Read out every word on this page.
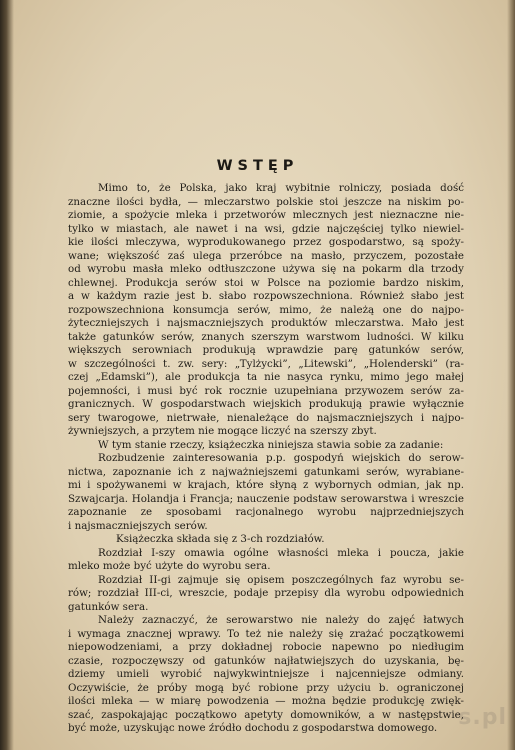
WSTĘP
Mimo to, że Polska, jako kraj wybitnie rolniczy, posiada dość
znaczne ilości bydła, — mleczarstwo polskie stoi jeszcze na niskim po-
ziomie, a spożycie mleka i przetworów mlecznych jest nieznaczne nie-
tylko w miastach, ale nawet i na wsi, gdzie najczęściej tylko niewiel-
kie ilości mleczywa, wyprodukowanego przez gospodarstwo, są spoży-
wane; większość zaś ulega przeróbce na masło, przyczem, pozostałe
od wyrobu masła mleko odtłuszczone używa się na pokarm dla trzody
chlewnej. Produkcja serów stoi w Polsce na poziomie bardzo niskim,
a w każdym razie jest b. słabo rozpowszechniona. Również słabo jest
rozpowszechniona konsumcja serów, mimo, że należą one do najpo-
żyteczniejszych i najsmaczniejszych produktów mleczarstwa. Mało jest
także gatunków serów, znanych szerszym warstwom ludności. W kilku
większych serowniach produkują wprawdzie parę gatunków serów,
w szczególności t. zw. sery: „Tylżycki”, „Litewski”, „Holenderski” (ra-
czej „Edamski”), ale produkcja ta nie nasyca rynku, mimo jego małej
pojemności, i musi być rok rocznie uzupełniana przywozem serów za-
granicznych. W gospodarstwach wiejskich produkują prawie wyłącznie
sery twarogowe, nietrwałe, nienależące do najsmaczniejszych i najpo-
żywniejszych, a przytem nie mogące liczyć na szerszy zbyt.
W tym stanie rzeczy, książeczka niniejsza stawia sobie za zadanie:
Rozbudzenie zainteresowania p.p. gospodyń wiejskich do serow-
nictwa, zapoznanie ich z najważniejszemi gatunkami serów, wyrabiane-
mi i spożywanemi w krajach, które słyną z wybornych odmian, jak np.
Szwajcarja. Holandja i Francja; nauczenie podstaw serowarstwa i wreszcie
zapoznanie ze sposobami racjonalnego wyrobu najprzedniejszych
i najsmaczniejszych serów.
Książeczka składa się z 3-ch rozdziałów.
Rozdział I-szy omawia ogólne własności mleka i poucza, jakie
mleko może być użyte do wyrobu sera.
Rozdział II-gi zajmuje się opisem poszczególnych faz wyrobu se-
rów; rozdział III-ci, wreszcie, podaje przepisy dla wyrobu odpowiednich
gatunków sera.
Należy zaznaczyć, że serowarstwo nie należy do zajęć łatwych
i wymaga znacznej wprawy. To też nie należy się zrażać początkowemi
niepowodzeniami, a przy dokładnej robocie napewno po niedługim
czasie, rozpoczęwszy od gatunków najłatwiejszych do uzyskania, bę-
dziemy umieli wyrobić najwykwintniejsze i najcenniejsze odmiany.
Oczywiście, że próby mogą być robione przy użyciu b. ograniczonej
ilości mleka — w miarę powodzenia — można będzie produkcję zwięk-
szać, zaspokajając początkowo apetyty domowników, a w następstwie,
być może, uzyskując nowe źródło dochodu z gospodarstwa domowego. s.pl
